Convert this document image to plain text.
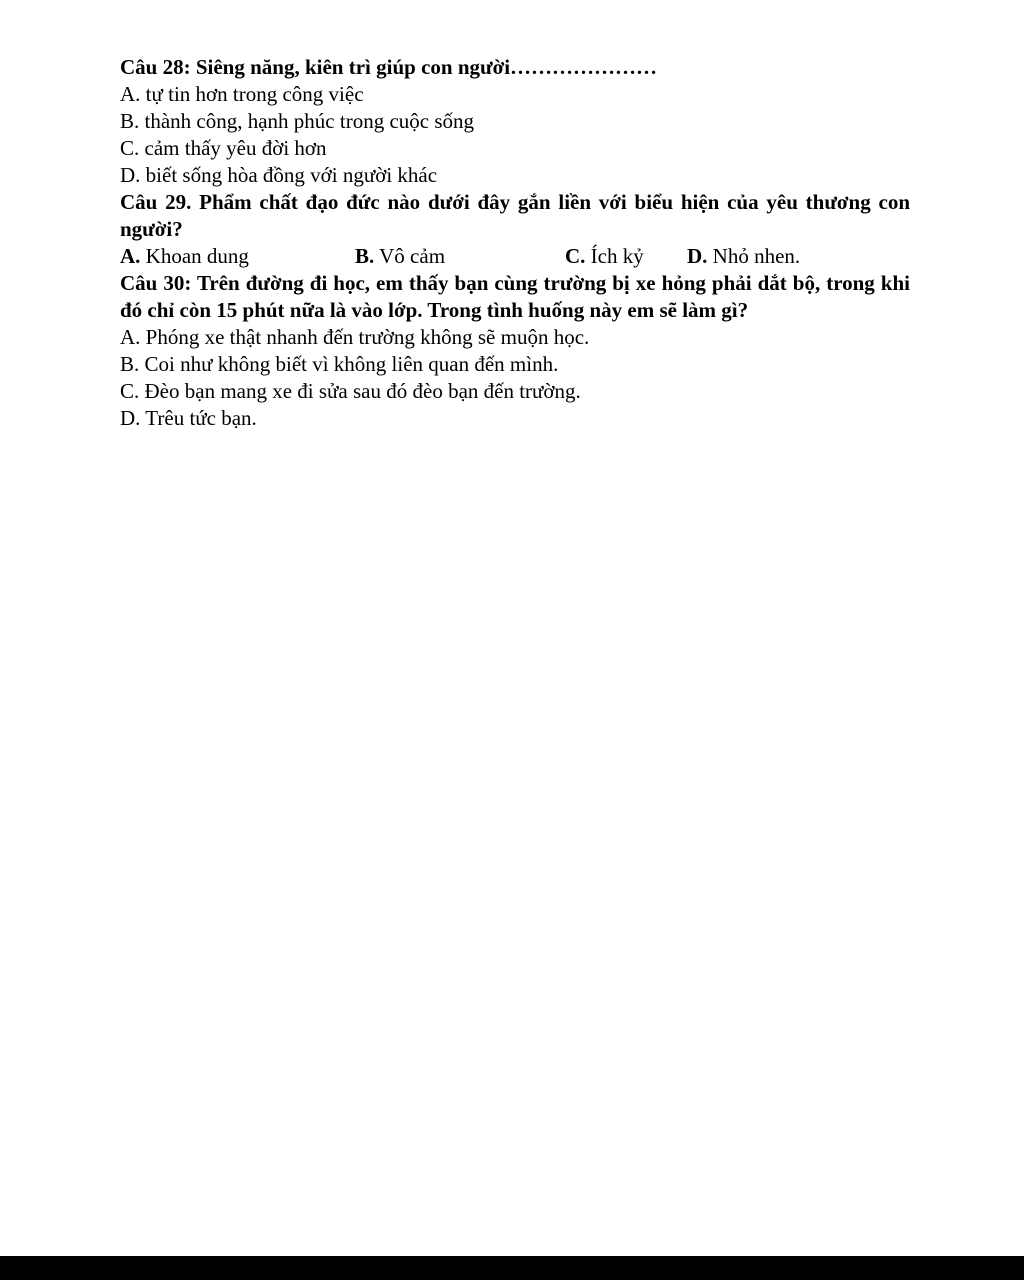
Câu 28: Siêng năng, kiên trì giúp con người…………………
A. tự tin hơn trong công việc
B. thành công, hạnh phúc trong cuộc sống
C. cảm thấy yêu đời hơn
D. biết sống hòa đồng với người khác
Câu 29. Phẩm chất đạo đức nào dưới đây gắn liền với biểu hiện của yêu thương con người?
A. Khoan dung	B. Vô cảm	C. Ích kỷ D. Nhỏ nhen.
Câu 30: Trên đường đi học, em thấy bạn cùng trường bị xe hỏng phải dắt bộ, trong khi đó chỉ còn 15 phút nữa là vào lớp. Trong tình huống này em sẽ làm gì?
A. Phóng xe thật nhanh đến trường không sẽ muộn học.
B. Coi như không biết vì không liên quan đến mình.
C. Đèo bạn mang xe đi sửa sau đó đèo bạn đến trường.
D. Trêu tức bạn.
